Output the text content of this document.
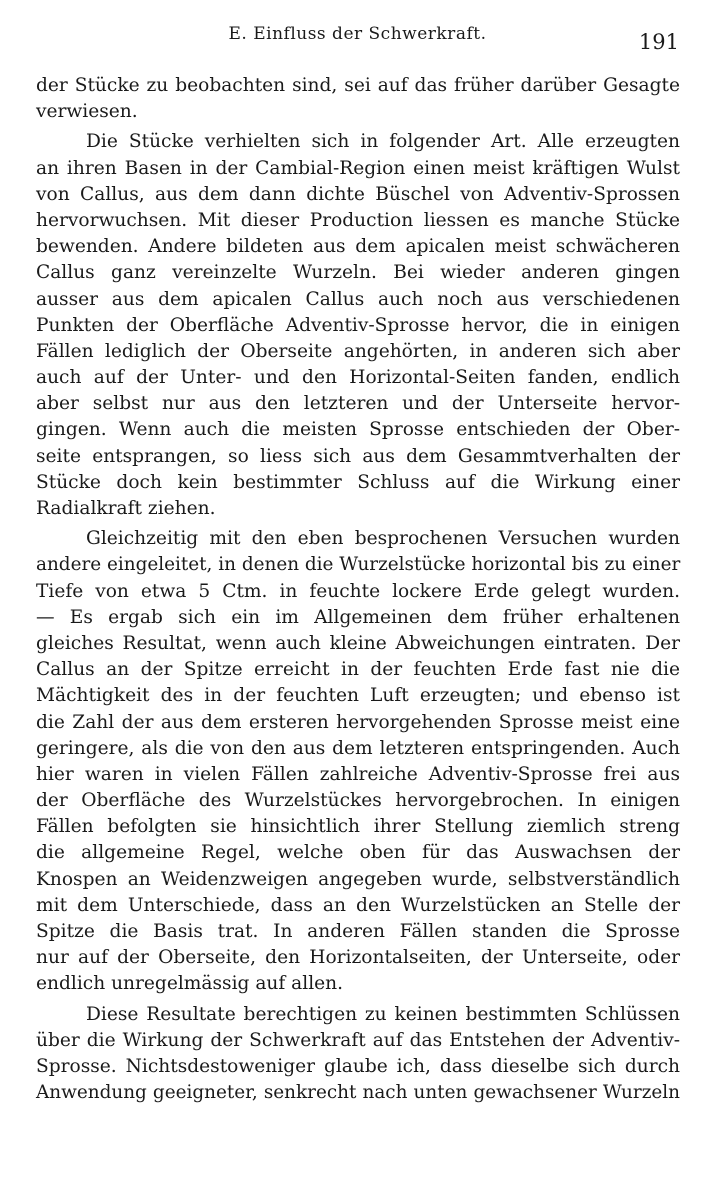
E. Einfluss der Schwerkraft.	191
der Stücke zu beobachten sind, sei auf das früher darüber Gesagte
verwiesen.
Die Stücke verhielten sich in folgender Art. Alle erzeugten
an ihren Basen in der Cambial-Region einen meist kräftigen Wulst
von Callus, aus dem dann dichte Büschel von Adventiv-Sprossen
hervorwuchsen. Mit dieser Production liessen es manche Stücke
bewenden. Andere bildeten aus dem apicalen meist schwächeren
Callus ganz vereinzelte Wurzeln. Bei wieder anderen gingen
ausser aus dem apicalen Callus auch noch aus verschiedenen
Punkten der Oberfläche Adventiv-Sprosse hervor, die in einigen
Fällen lediglich der Oberseite angehörten, in anderen sich aber
auch auf der Unter- und den Horizontal-Seiten fanden, endlich
aber selbst nur aus den letzteren und der Unterseite hervor-
gingen. Wenn auch die meisten Sprosse entschieden der Ober-
seite entsprangen, so liess sich aus dem Gesammtverhalten der
Stücke doch kein bestimmter Schluss auf die Wirkung einer
Radialkraft ziehen.
Gleichzeitig mit den eben besprochenen Versuchen wurden
andere eingeleitet, in denen die Wurzelstücke horizontal bis zu einer
Tiefe von etwa 5 Ctm. in feuchte lockere Erde gelegt wurden.
— Es ergab sich ein im Allgemeinen dem früher erhaltenen
gleiches Resultat, wenn auch kleine Abweichungen eintraten. Der
Callus an der Spitze erreicht in der feuchten Erde fast nie die
Mächtigkeit des in der feuchten Luft erzeugten; und ebenso ist
die Zahl der aus dem ersteren hervorgehenden Sprosse meist eine
geringere, als die von den aus dem letzteren entspringenden. Auch
hier waren in vielen Fällen zahlreiche Adventiv-Sprosse frei aus
der Oberfläche des Wurzelstückes hervorgebrochen. In einigen
Fällen befolgten sie hinsichtlich ihrer Stellung ziemlich streng
die allgemeine Regel, welche oben für das Auswachsen der
Knospen an Weidenzweigen angegeben wurde, selbstverständlich
mit dem Unterschiede, dass an den Wurzelstücken an Stelle der
Spitze die Basis trat. In anderen Fällen standen die Sprosse
nur auf der Oberseite, den Horizontalseiten, der Unterseite, oder
endlich unregelmässig auf allen.
Diese Resultate berechtigen zu keinen bestimmten Schlüssen
über die Wirkung der Schwerkraft auf das Entstehen der Adventiv-
Sprosse. Nichtsdestoweniger glaube ich, dass dieselbe sich durch
Anwendung geeigneter, senkrecht nach unten gewachsener Wurzeln
